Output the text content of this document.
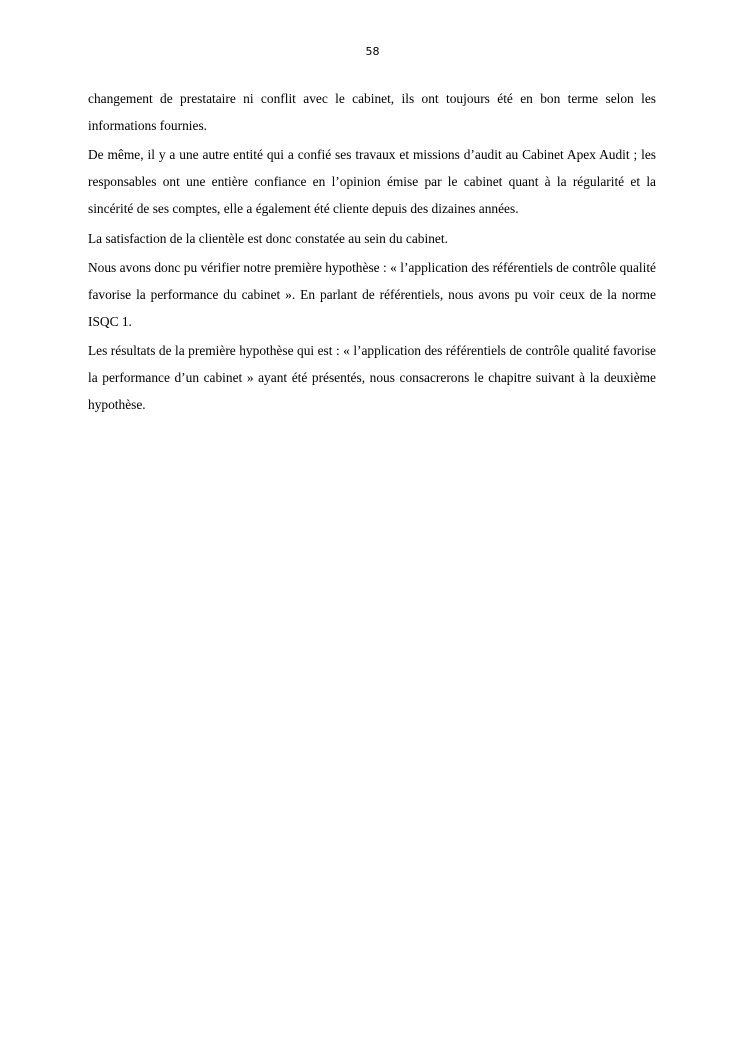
58

changement de prestataire ni conflit avec le cabinet, ils ont toujours été en bon terme selon les informations fournies.

De même, il y a une autre entité qui a confié ses travaux et missions d’audit au Cabinet Apex Audit ; les responsables ont une entière confiance en l’opinion émise par le cabinet quant à la régularité et la sincérité de ses comptes, elle a également été cliente depuis des dizaines années.

La satisfaction de la clientèle est donc constatée au sein du cabinet.

Nous avons donc pu vérifier notre première hypothèse : « l’application des référentiels de contrôle qualité favorise la performance du cabinet ». En parlant de référentiels, nous avons pu voir ceux de la norme ISQC 1.

Les résultats de la première hypothèse qui est : « l’application des référentiels de contrôle qualité favorise la performance d’un cabinet » ayant été présentés, nous consacrerons le chapitre suivant à la deuxième hypothèse.
